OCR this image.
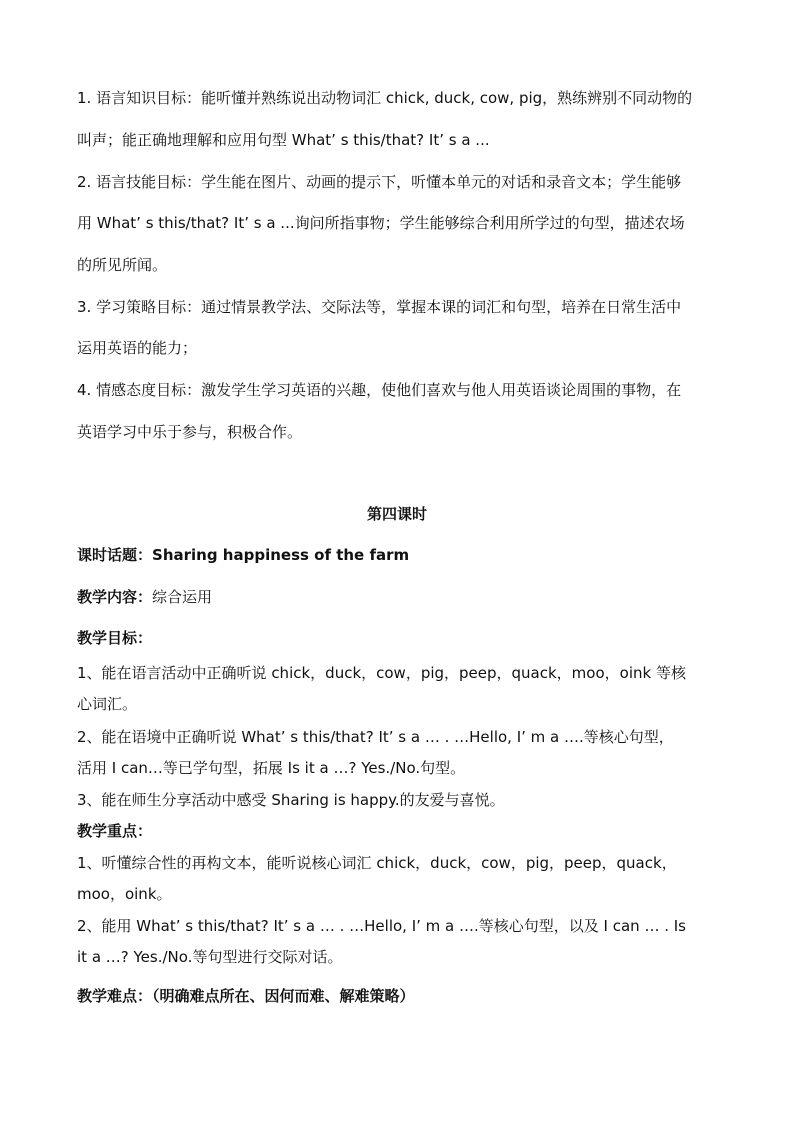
1. 语言知识目标：能听懂并熟练说出动物词汇 chick, duck, cow, pig，熟练辨别不同动物的
叫声；能正确地理解和应用句型 What’ s this/that? It’ s a ...
2. 语言技能目标：学生能在图片、动画的提示下，听懂本单元的对话和录音文本；学生能够
用 What’ s this/that? It’ s a ...询问所指事物；学生能够综合利用所学过的句型，描述农场
的所见所闻。
3. 学习策略目标：通过情景教学法、交际法等，掌握本课的词汇和句型，培养在日常生活中
运用英语的能力；
4. 情感态度目标：激发学生学习英语的兴趣，使他们喜欢与他人用英语谈论周围的事物，在
英语学习中乐于参与，积极合作。
第四课时
课时话题：Sharing happiness of the farm
教学内容：综合运用
教学目标：
1、能在语言活动中正确听说 chick，duck，cow，pig，peep，quack，moo，oink 等核
心词汇。
2、能在语境中正确听说 What’ s this/that? It’ s a … . …Hello, I’ m a ….等核心句型，
活用 I can…等已学句型，拓展 Is it a …? Yes./No.句型。
3、能在师生分享活动中感受 Sharing is happy.的友爱与喜悦。
教学重点：
1、听懂综合性的再构文本，能听说核心词汇 chick，duck，cow，pig，peep，quack，
moo，oink。
2、能用 What’ s this/that? It’ s a … . …Hello, I’ m a ….等核心句型，以及 I can … . Is
it a …? Yes./No.等句型进行交际对话。
教学难点：（明确难点所在、因何而难、解难策略）
